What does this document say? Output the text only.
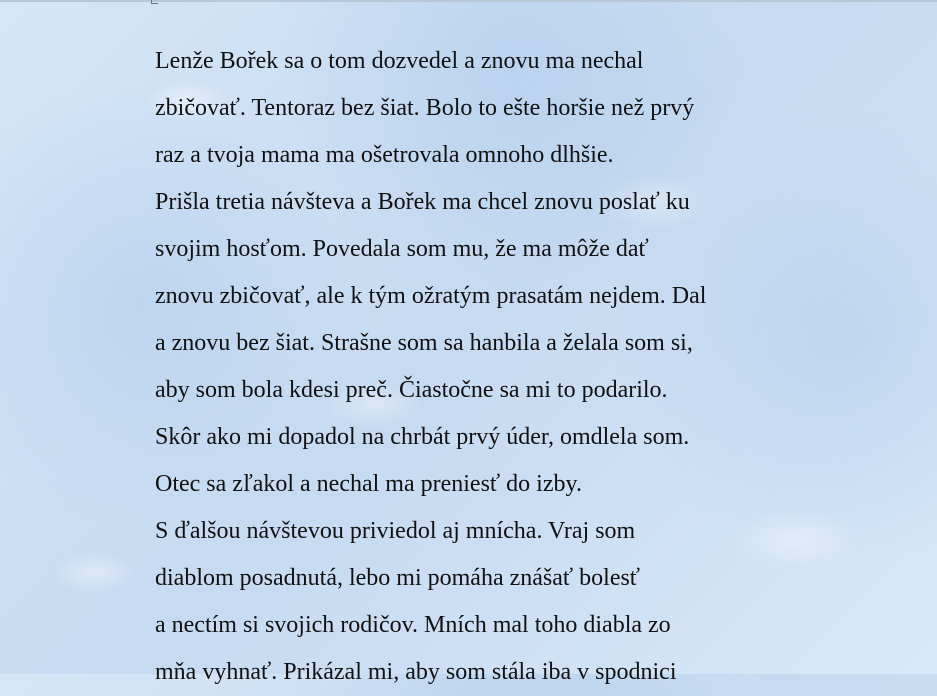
Lenže Bořek sa o tom dozvedel a znovu ma nechal
zbičovať. Tentoraz bez šiat. Bolo to ešte horšie než prvý
raz a tvoja mama ma ošetrovala omnoho dlhšie.
Prišla tretia návšteva a Bořek ma chcel znovu poslať ku
svojim hosťom. Povedala som mu, že ma môže dať
znovu zbičovať, ale k tým ožratým prasatám nejdem. Dal
a znovu bez šiat. Strašne som sa hanbila a želala som si,
aby som bola kdesi preč. Čiastočne sa mi to podarilo.
Skôr ako mi dopadol na chrbát prvý úder, omdlela som.
Otec sa zľakol a nechal ma preniesť do izby.
S ďalšou návštevou priviedol aj mnícha. Vraj som
diablom posadnutá, lebo mi pomáha znášať bolesť
a nectím si svojich rodičov. Mních mal toho diabla zo
mňa vyhnať. Prikázal mi, aby som stála iba v spodnici
